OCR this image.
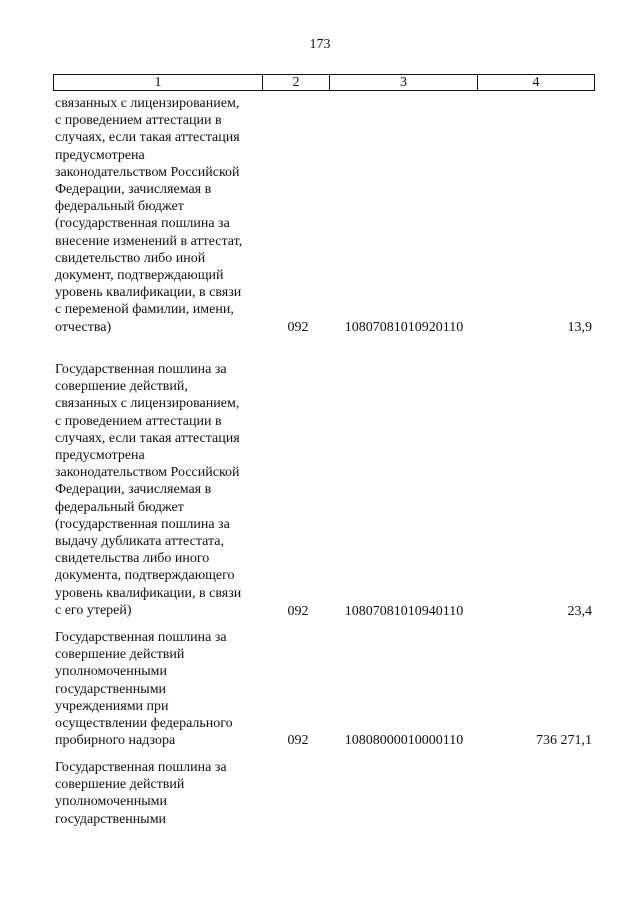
173
1	2	3	4
связанных с лицензированием,
с проведением аттестации в
случаях, если такая аттестация
предусмотрена
законодательством Российской
Федерации, зачисляемая в
федеральный бюджет
(государственная пошлина за
внесение изменений в аттестат,
свидетельство либо иной
документ, подтверждающий
уровень квалификации, в связи
с переменой фамилии, имени,
отчества)	092	10807081010920110	13,9
Государственная пошлина за
совершение действий,
связанных с лицензированием,
с проведением аттестации в
случаях, если такая аттестация
предусмотрена
законодательством Российской
Федерации, зачисляемая в
федеральный бюджет
(государственная пошлина за
выдачу дубликата аттестата,
свидетельства либо иного
документа, подтверждающего
уровень квалификации, в связи
с его утерей)	092	10807081010940110	23,4
Государственная пошлина за
совершение действий
уполномоченными
государственными
учреждениями при
осуществлении федерального
пробирного надзора	092	10808000010000110	736 271,1
Государственная пошлина за
совершение действий
уполномоченными
государственными
